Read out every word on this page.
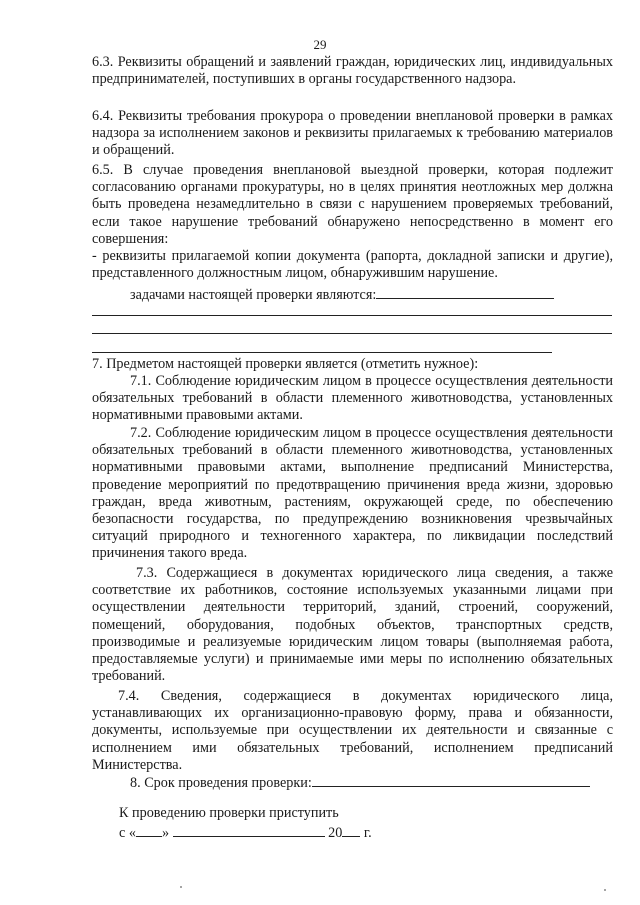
29
6.3. Реквизиты обращений и заявлений граждан, юридических лиц, индивидуальных предпринимателей, поступивших в органы государственного надзора.
6.4. Реквизиты требования прокурора о проведении внеплановой проверки в рамках надзора за исполнением законов и реквизиты прилагаемых к требованию материалов и обращений.
6.5. В случае проведения внеплановой выездной проверки, которая подлежит согласованию органами прокуратуры, но в целях принятия неотложных мер должна быть проведена незамедлительно в связи с нарушением проверяемых требований, если такое нарушение требований обнаружено непосредственно в момент его совершения:
- реквизиты прилагаемой копии документа (рапорта, докладной записки и другие), представленного должностным лицом, обнаружившим нарушение.
задачами настоящей проверки являются:
7. Предметом настоящей проверки является (отметить нужное):
7.1. Соблюдение юридическим лицом в процессе осуществления деятельности обязательных требований в области племенного животноводства, установленных нормативными правовыми актами.
7.2. Соблюдение юридическим лицом в процессе осуществления деятельности обязательных требований в области племенного животноводства, установленных нормативными правовыми актами, выполнение предписаний Министерства, проведение мероприятий по предотвращению причинения вреда жизни, здоровью граждан, вреда животным, растениям, окружающей среде, по обеспечению безопасности государства, по предупреждению возникновения чрезвычайных ситуаций природного и техногенного характера, по ликвидации последствий причинения такого вреда.
7.3. Содержащиеся в документах юридического лица сведения, а также соответствие их работников, состояние используемых указанными лицами при осуществлении деятельности территорий, зданий, строений, сооружений, помещений, оборудования, подобных объектов, транспортных средств, производимые и реализуемые юридическим лицом товары (выполняемая работа, предоставляемые услуги) и принимаемые ими меры по исполнению обязательных требований.
7.4. Сведения, содержащиеся в документах юридического лица, устанавливающих их организационно-правовую форму, права и обязанности, документы, используемые при осуществлении их деятельности и связанные с исполнением ими обязательных требований, исполнением предписаний Министерства.
8. Срок проведения проверки:
К проведению проверки приступить
с « »	20 г.
